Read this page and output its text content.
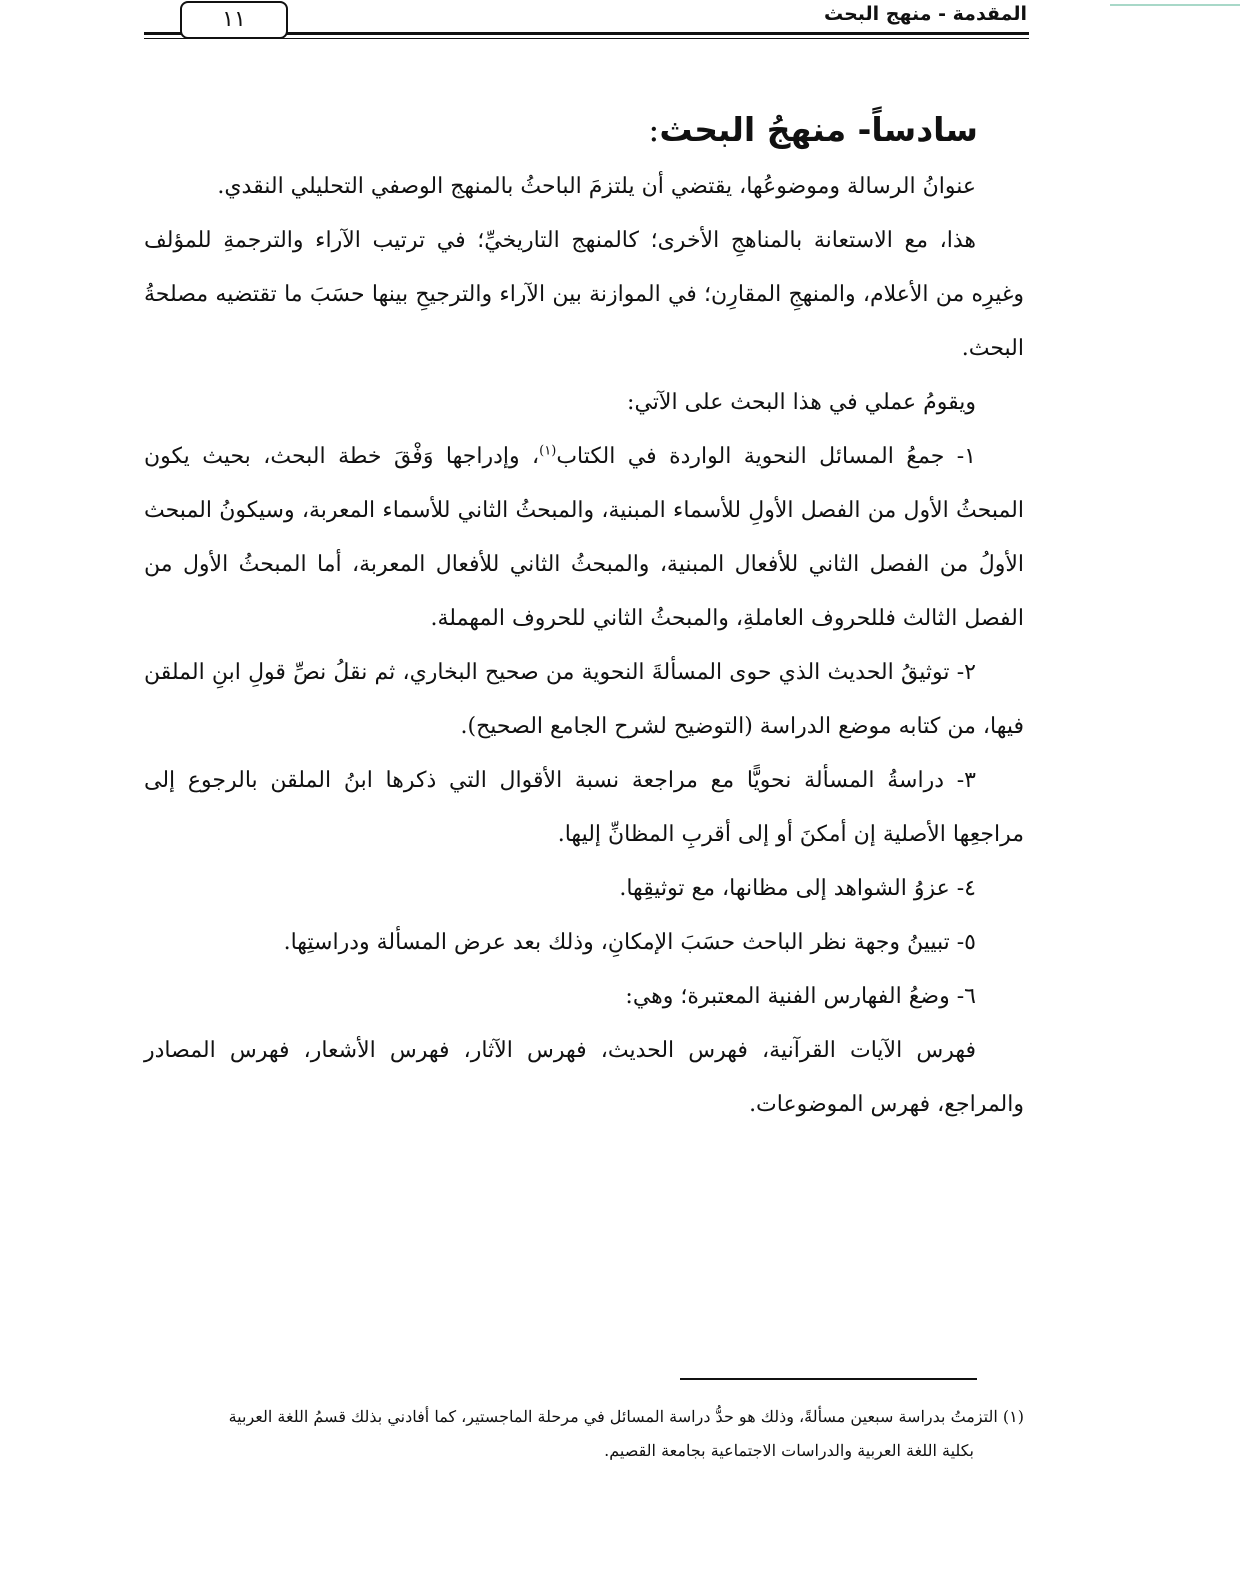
المقدمة - منهج البحث
١١
سادساً- منهجُ البحث:

عنوانُ الرسالة وموضوعُها، يقتضي أن يلتزمَ الباحثُ بالمنهج الوصفي التحليلي النقدي.

هذا، مع الاستعانة بالمناهجِ الأخرى؛ كالمنهج التاريخيِّ؛ في ترتيب الآراء والترجمةِ للمؤلف وغيرِه من الأعلام، والمنهجِ المقارِن؛ في الموازنة بين الآراء والترجيحِ بينها حسَبَ ما تقتضيه مصلحةُ البحث.

ويقومُ عملي في هذا البحث على الآتي:

١- جمعُ المسائل النحوية الواردة في الكتاب$^{(١)}$، وإدراجها وَفْقَ خطة البحث، بحيث يكون المبحثُ الأول من الفصل الأولِ للأسماء المبنية، والمبحثُ الثاني للأسماء المعربة، وسيكونُ المبحث الأولُ من الفصل الثاني للأفعال المبنية، والمبحثُ الثاني للأفعال المعربة، أما المبحثُ الأول من الفصل الثالث فللحروف العاملةِ، والمبحثُ الثاني للحروف المهملة.

٢- توثيقُ الحديث الذي حوى المسألةَ النحوية من صحيح البخاري، ثم نقلُ نصِّ قولِ ابنِ الملقن فيها، من كتابه موضع الدراسة (التوضيح لشرح الجامع الصحيح).

٣- دراسةُ المسألة نحويًّا مع مراجعة نسبة الأقوال التي ذكرها ابنُ الملقن بالرجوع إلى مراجعِها الأصلية إن أمكنَ أو إلى أقربِ المظانِّ إليها.

٤- عزوُ الشواهد إلى مظانها، مع توثيقِها.

٥- تبيينُ وجهة نظر الباحث حسَبَ الإمكانِ، وذلك بعد عرض المسألة ودراستِها.

٦- وضعُ الفهارس الفنية المعتبرة؛ وهي:

فهرس الآيات القرآنية، فهرس الحديث، فهرس الآثار، فهرس الأشعار، فهرس المصادر والمراجع، فهرس الموضوعات.

(١) التزمتُ بدراسة سبعين مسألةً، وذلك هو حدُّ دراسة المسائل في مرحلة الماجستير، كما أفادني بذلك قسمُ اللغة العربية

بكلية اللغة العربية والدراسات الاجتماعية بجامعة القصيم.
